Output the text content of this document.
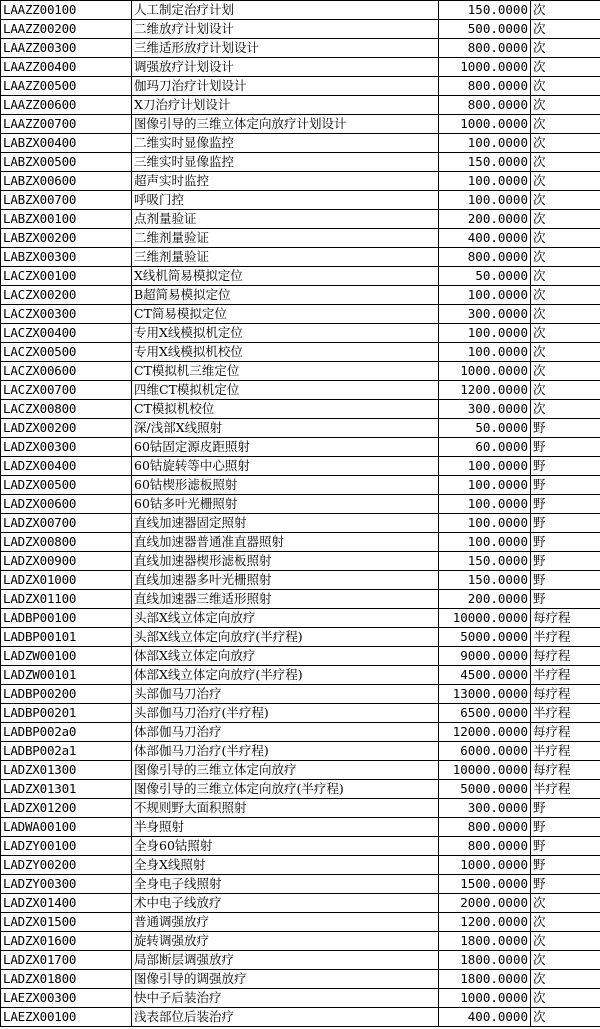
LAAZZ00100	人工制定治疗计划	150.0000	次
LAAZZ00200	二维放疗计划设计	500.0000	次
LAAZZ00300	三维适形放疗计划设计	800.0000	次
LAAZZ00400	调强放疗计划设计	1000.0000	次
LAAZZ00500	伽玛刀治疗计划设计	800.0000	次
LAAZZ00600	X刀治疗计划设计	800.0000	次
LAAZZ00700	图像引导的三维立体定向放疗计划设计	1000.0000	次
LABZX00400	二维实时显像监控	100.0000	次
LABZX00500	三维实时显像监控	150.0000	次
LABZX00600	超声实时监控	100.0000	次
LABZX00700	呼吸门控	100.0000	次
LABZX00100	点剂量验证	200.0000	次
LABZX00200	二维剂量验证	400.0000	次
LABZX00300	三维剂量验证	800.0000	次
LACZX00100	X线机简易模拟定位	50.0000	次
LACZX00200	B超简易模拟定位	100.0000	次
LACZX00300	CT简易模拟定位	300.0000	次
LACZX00400	专用X线模拟机定位	100.0000	次
LACZX00500	专用X线模拟机校位	100.0000	次
LACZX00600	CT模拟机三维定位	1000.0000	次
LACZX00700	四维CT模拟机定位	1200.0000	次
LACZX00800	CT模拟机校位	300.0000	次
LADZX00200	深/浅部X线照射	50.0000	野
LADZX00300	60钴固定源皮距照射	60.0000	野
LADZX00400	60钴旋转等中心照射	100.0000	野
LADZX00500	60钴楔形滤板照射	100.0000	野
LADZX00600	60钴多叶光栅照射	100.0000	野
LADZX00700	直线加速器固定照射	100.0000	野
LADZX00800	直线加速器普通准直器照射	100.0000	野
LADZX00900	直线加速器楔形滤板照射	150.0000	野
LADZX01000	直线加速器多叶光栅照射	150.0000	野
LADZX01100	直线加速器三维适形照射	200.0000	野
LADBP00100	头部X线立体定向放疗	10000.0000	每疗程
LADBP00101	头部X线立体定向放疗(半疗程)	5000.0000	半疗程
LADZW00100	体部X线立体定向放疗	9000.0000	每疗程
LADZW00101	体部X线立体定向放疗(半疗程)	4500.0000	半疗程
LADBP00200	头部伽马刀治疗	13000.0000	每疗程
LADBP00201	头部伽马刀治疗(半疗程)	6500.0000	半疗程
LADBP002a0	体部伽马刀治疗	12000.0000	每疗程
LADBP002a1	体部伽马刀治疗(半疗程)	6000.0000	半疗程
LADZX01300	图像引导的三维立体定向放疗	10000.0000	每疗程
LADZX01301	图像引导的三维立体定向放疗(半疗程)	5000.0000	半疗程
LADZX01200	不规则野大面积照射	300.0000	野
LADWA00100	半身照射	800.0000	野
LADZY00100	全身60钴照射	800.0000	野
LADZY00200	全身X线照射	1000.0000	野
LADZY00300	全身电子线照射	1500.0000	野
LADZX01400	术中电子线放疗	2000.0000	次
LADZX01500	普通调强放疗	1200.0000	次
LADZX01600	旋转调强放疗	1800.0000	次
LADZX01700	局部断层调强放疗	1800.0000	次
LADZX01800	图像引导的调强放疗	1800.0000	次
LAEZX00300	快中子后装治疗	1000.0000	次
LAEZX00100	浅表部位后装治疗	400.0000	次
